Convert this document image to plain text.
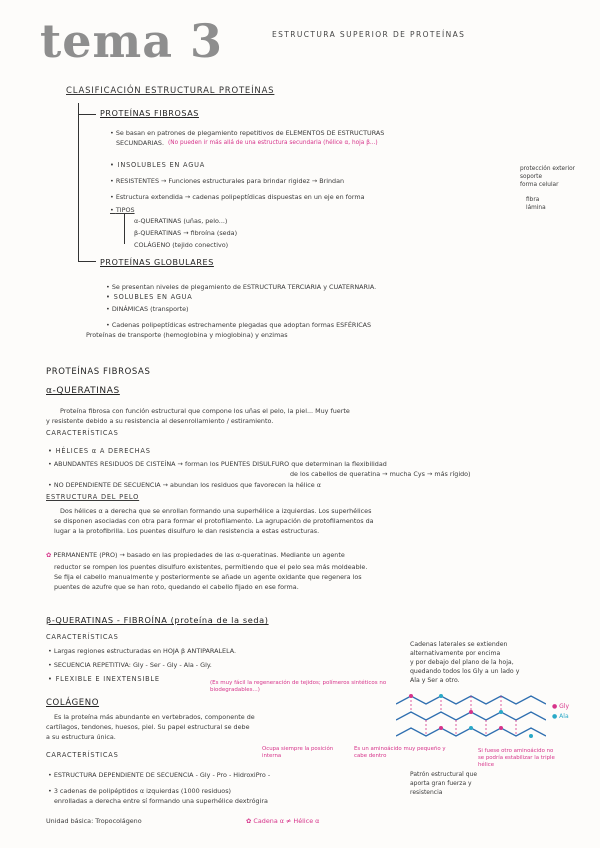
tema 3	ESTRUCTURA SUPERIOR DE PROTEÍNAS
CLASIFICACIÓN ESTRUCTURAL PROTEÍNAS
PROTEÍNAS FIBROSAS
• Se basan en patrones de plegamiento repetitivos de ELEMENTOS DE ESTRUCTURAS
SECUNDARIAS. (No pueden ir más allá de una estructura secundaria (hélice α, hoja β...)
• INSOLUBLES EN AGUA
• RESISTENTES → Funciones estructurales para brindar rigidez → Brindan
protección exterior
soporte
forma celular
• Estructura extendida → cadenas polipeptídicas dispuestas en un eje en forma	fibra
lámina
• TIPOS
α-QUERATINAS (uñas, pelo...)
β-QUERATINAS → fibroína (seda)
COLÁGENO (tejido conectivo)
PROTEÍNAS GLOBULARES
• Se presentan niveles de plegamiento de ESTRUCTURA TERCIARIA y CUATERNARIA.
• SOLUBLES EN AGUA
• DINÁMICAS (transporte)
• Cadenas polipeptídicas estrechamente plegadas que adoptan formas ESFÉRICAS
Proteínas de transporte (hemoglobina y mioglobina) y enzimas
PROTEÍNAS FIBROSAS
α-QUERATINAS
Proteína fibrosa con función estructural que compone los uñas el pelo, la piel... Muy fuerte
y resistente debido a su resistencia al desenrollamiento / estiramiento.
CARACTERÍSTICAS
• HÉLICES α A DERECHAS
• ABUNDANTES RESIDUOS DE CISTEÍNA → forman los PUENTES DISULFURO que determinan la flexibilidad
de los cabellos de queratina → mucha Cys → más rígido)
• NO DEPENDIENTE DE SECUENCIA → abundan los residuos que favorecen la hélice α
ESTRUCTURA DEL PELO
Dos hélices α a derecha que se enrollan formando una superhélice a izquierdas. Los superhélices
se disponen asociadas con otra para formar el protofilamento. La agrupación de protofilamentos da
lugar a la protofibrilla. Los puentes disulfuro le dan resistencia a estas estructuras.
✿ PERMANENTE (PRO) → basado en las propiedades de las α-queratinas. Mediante un agente
reductor se rompen los puentes disulfuro existentes, permitiendo que el pelo sea más moldeable.
Se fija el cabello manualmente y posteriormente se añade un agente oxidante que regenera los
puentes de azufre que se han roto, quedando el cabello fijado en ese forma.
β-QUERATINAS - FIBROÍNA (proteína de la seda)
CARACTERÍSTICAS
• Largas regiones estructuradas en HOJA β ANTIPARALELA.
• SECUENCIA REPETITIVA: Gly - Ser - Gly - Ala - Gly.
• FLEXIBLE E INEXTENSIBLE	(Es muy fácil la regeneración de tejidos; polímeros sintéticos no biodegradables...)
Cadenas laterales se extienden
alternativamente por encima
y por debajo del plano de la hoja,
quedando todos los Gly a un lado y
Ala y Ser a otro.
● Gly
● Ala
COLÁGENO
Es la proteína más abundante en vertebrados, componente de
cartílagos, tendones, huesos, piel. Su papel estructural se debe
a su estructura única.
CARACTERÍSTICAS
Ocupa siempre la posición interna
Es un aminoácido muy pequeño y cabe dentro
Si fuese otro aminoácido no se podría estabilizar la triple hélice
• ESTRUCTURA DEPENDIENTE DE SECUENCIA - Gly - Pro - HidroxiPro -	Patrón estructural que aporta gran fuerza y resistencia
• 3 cadenas de polipéptidos α izquierdas (1000 residuos)
enrolladas a derecha entre sí formando una superhélice dextrógira
Unidad básica: Tropocolágeno	✿ Cadena α ≠ Hélice α
